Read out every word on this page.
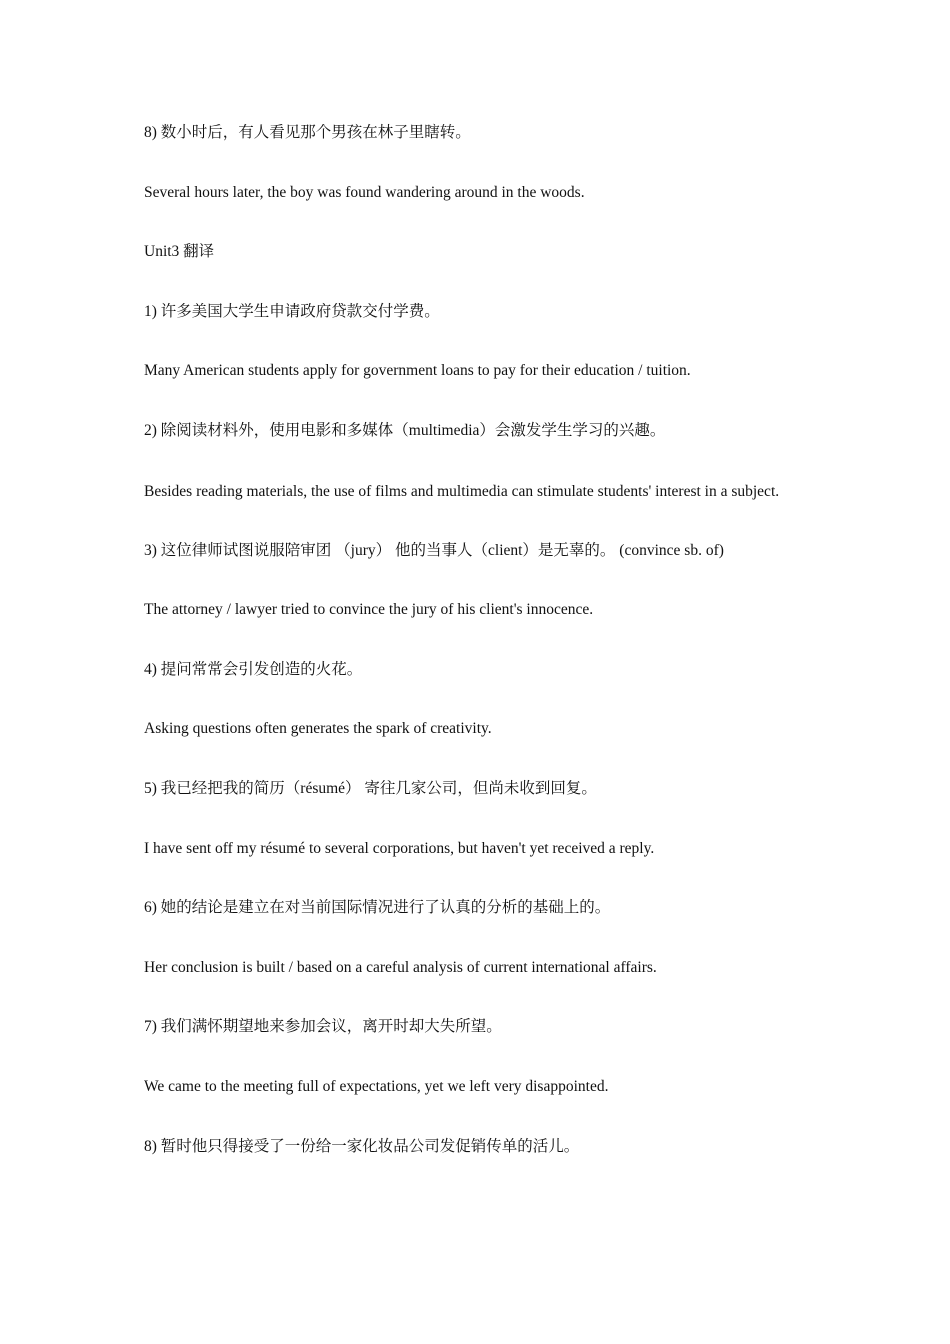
8) 数小时后，有人看见那个男孩在林子里瞎转。

Several hours later, the boy was found wandering around in the woods.

Unit3 翻译

1) 许多美国大学生申请政府贷款交付学费。

Many American students apply for government loans to pay for their education / tuition.

2) 除阅读材料外，使用电影和多媒体（multimedia）会激发学生学习的兴趣。

Besides reading materials, the use of films and multimedia can stimulate students' interest in a subject.

3) 这位律师试图说服陪审团 （jury） 他的当事人（client）是无辜的。 (convince sb. of)

The attorney / lawyer tried to convince the jury of his client's innocence.

4) 提问常常会引发创造的火花。

Asking questions often generates the spark of creativity.

5) 我已经把我的简历（résumé） 寄往几家公司，但尚未收到回复。

I have sent off my résumé to several corporations, but haven't yet received a reply.

6) 她的结论是建立在对当前国际情况进行了认真的分析的基础上的。

Her conclusion is built / based on a careful analysis of current international affairs.

7) 我们满怀期望地来参加会议，离开时却大失所望。

We came to the meeting full of expectations, yet we left very disappointed.

8) 暂时他只得接受了一份给一家化妆品公司发促销传单的活儿。
